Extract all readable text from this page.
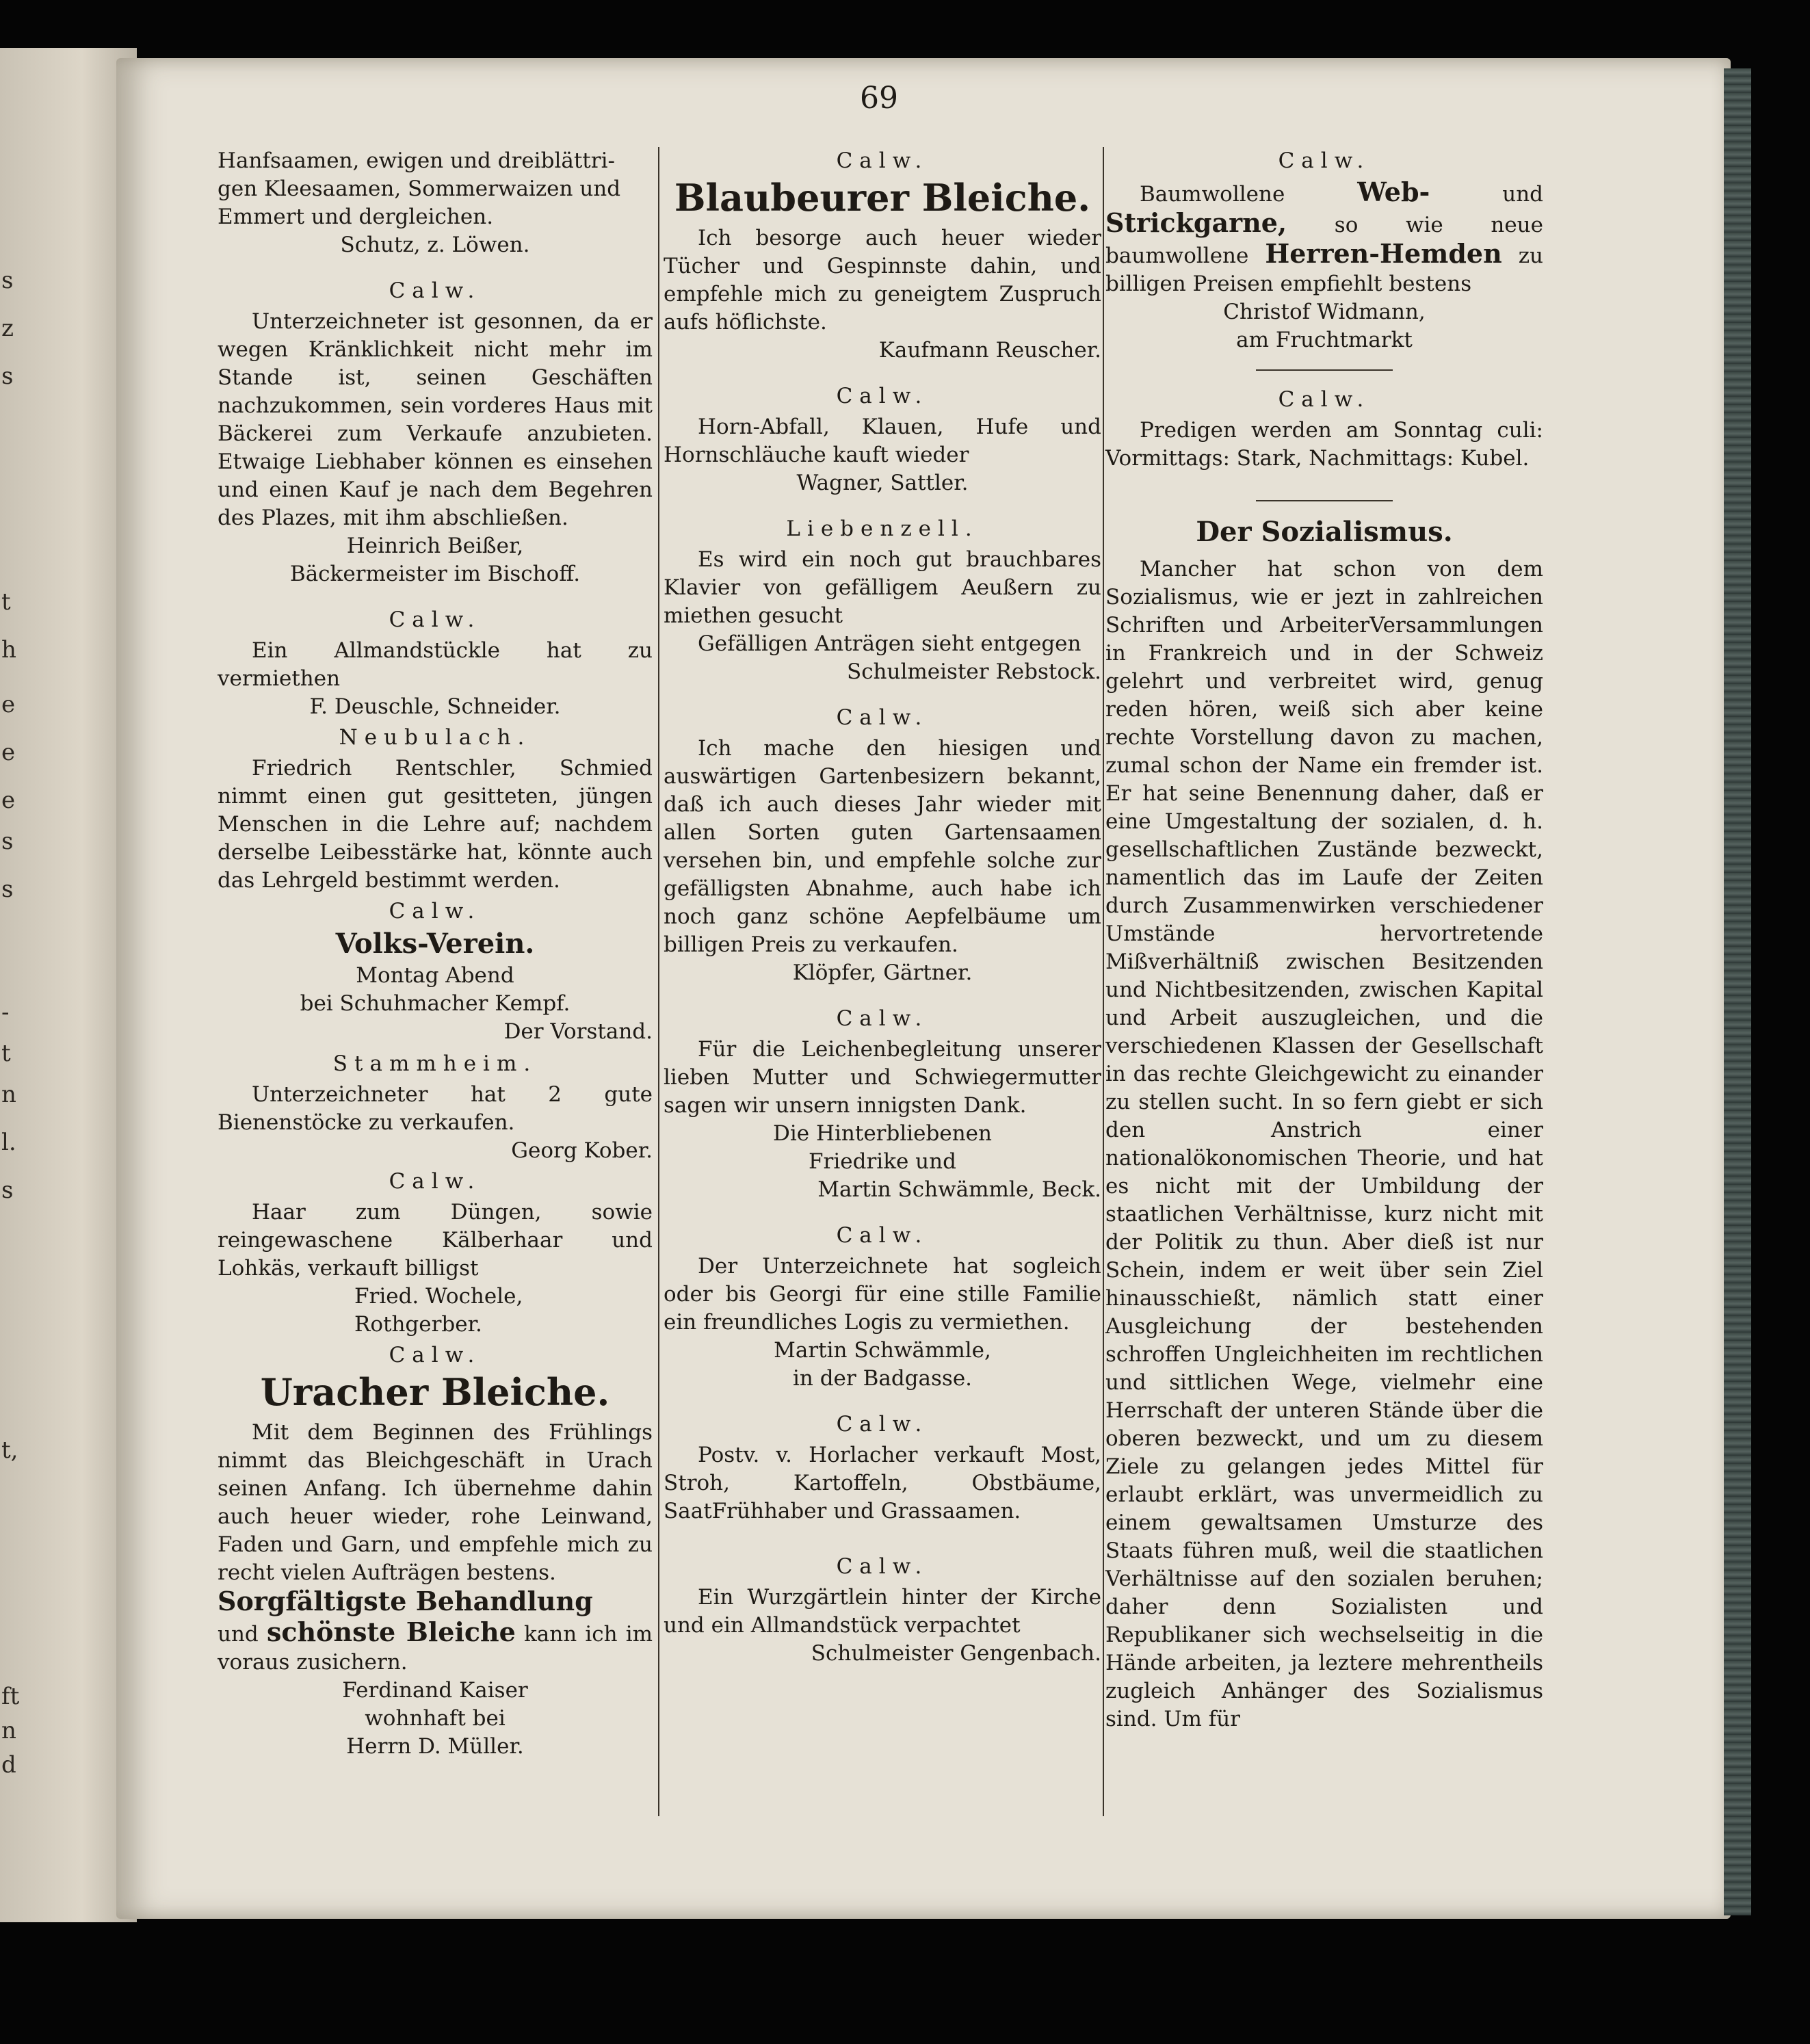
s
z
s
t
h
e
e
e
s
s
-
t
n
l.
s
t,
ft
n
d
69

Hanfsaamen, ewigen und dreiblättri-

gen Kleesaamen, Sommerwaizen und

Emmert und dergleichen.

Schutz, z. Löwen.

Calw.

Unterzeichneter ist gesonnen, da er wegen Kränklichkeit nicht mehr im Stande ist, seinen Geschäften nachzukommen, sein vorderes Haus mit Bäckerei zum Verkaufe anzubieten. Etwaige Liebhaber können es einsehen und einen Kauf je nach dem Begehren des Plazes, mit ihm abschließen.

Heinrich Beißer,

Bäckermeister im Bischoff.

Calw.

Ein Allmandstückle hat zu vermiethen

F. Deuschle, Schneider.

Neubulach.

Friedrich Rentschler, Schmied nimmt einen gut gesitteten, jüngen Menschen in die Lehre auf; nachdem derselbe Leibesstärke hat, könnte auch das Lehrgeld bestimmt werden.

Calw.

Volks-Verein.

Montag Abend

bei Schuhmacher Kempf.

Der Vorstand.

Stammheim.

Unterzeichneter hat 2 gute Bienenstöcke zu verkaufen.

Georg Kober.

Calw.

Haar zum Düngen, sowie reingewaschene Kälberhaar und Lohkäs, verkauft billigst

Fried. Wochele,

Rothgerber.

Calw.

Uracher Bleiche.

Mit dem Beginnen des Frühlings nimmt das Bleichgeschäft in Urach seinen Anfang. Ich übernehme dahin auch heuer wieder, rohe Leinwand, Faden und Garn, und empfehle mich zu recht vielen Aufträgen bestens.

Sorgfältigste Behandlung

und schönste Bleiche kann ich im voraus zusichern.

Ferdinand Kaiser

wohnhaft bei

Herrn D. Müller.

Calw.

Blaubeurer Bleiche.

Ich besorge auch heuer wieder Tücher und Gespinnste dahin, und empfehle mich zu geneigtem Zuspruch aufs höflichste.

Kaufmann Reuscher.

Calw.

Horn-Abfall, Klauen, Hufe und Hornschläuche kauft wieder

Wagner, Sattler.

Liebenzell.

Es wird ein noch gut brauchbares Klavier von gefälligem Aeußern zu miethen gesucht

Gefälligen Anträgen sieht entgegen

Schulmeister Rebstock.

Calw.

Ich mache den hiesigen und auswärtigen Gartenbesizern bekannt, daß ich auch dieses Jahr wieder mit allen Sorten guten Gartensaamen versehen bin, und empfehle solche zur gefälligsten Abnahme, auch habe ich noch ganz schöne Aepfelbäume um billigen Preis zu verkaufen.

Klöpfer, Gärtner.

Calw.

Für die Leichenbegleitung unserer lieben Mutter und Schwiegermutter sagen wir unsern innigsten Dank.

Die Hinterbliebenen

Friedrike und

Martin Schwämmle, Beck.

Calw.

Der Unterzeichnete hat sogleich oder bis Georgi für eine stille Familie ein freundliches Logis zu vermiethen.

Martin Schwämmle,

in der Badgasse.

Calw.

Postv. v. Horlacher verkauft Most, Stroh, Kartoffeln, Obstbäume, SaatFrühhaber und Grassaamen.

Calw.

Ein Wurzgärtlein hinter der Kirche und ein Allmandstück verpachtet

Schulmeister Gengenbach.

Calw.

Baumwollene	Web-	und Strickgarne, so wie neue baumwollene Herren-Hemden zu billigen Preisen empfiehlt bestens

Christof Widmann,

am Fruchtmarkt

Calw.

Predigen werden am Sonntag culi: Vormittags: Stark, Nachmittags: Kubel.

Der Sozialismus.

Mancher hat schon von dem Sozialismus, wie er jezt in zahlreichen Schriften und ArbeiterVersammlungen in Frankreich und in der Schweiz gelehrt und verbreitet wird, genug reden hören, weiß sich aber keine rechte Vorstellung davon zu machen, zumal schon der Name ein fremder ist. Er hat seine Benennung daher, daß er eine Umgestaltung der sozialen, d. h. gesellschaftlichen Zustände bezweckt, namentlich das im Laufe der Zeiten durch Zusammenwirken verschiedener Umstände hervortretende Mißverhältniß zwischen Besitzenden und Nichtbesitzenden, zwischen Kapital und Arbeit auszugleichen, und die verschiedenen Klassen der Gesellschaft in das rechte Gleichgewicht zu einander zu stellen sucht. In so fern giebt er sich den Anstrich einer nationalökonomischen Theorie, und hat es nicht mit der Umbildung der staatlichen Verhältnisse, kurz nicht mit der Politik zu thun. Aber dieß ist nur Schein, indem er weit über sein Ziel hinausschießt, nämlich statt einer Ausgleichung der bestehenden schroffen Ungleichheiten im rechtlichen und sittlichen Wege, vielmehr eine Herrschaft der unteren Stände über die oberen bezweckt, und um zu diesem Ziele zu gelangen jedes Mittel für erlaubt erklärt, was unvermeidlich zu einem gewaltsamen Umsturze des Staats führen muß, weil die staatlichen Verhältnisse auf den sozialen beruhen; daher denn Sozialisten und Republikaner sich wechselseitig in die Hände arbeiten, ja leztere mehrentheils zugleich Anhänger des Sozialismus sind. Um für
